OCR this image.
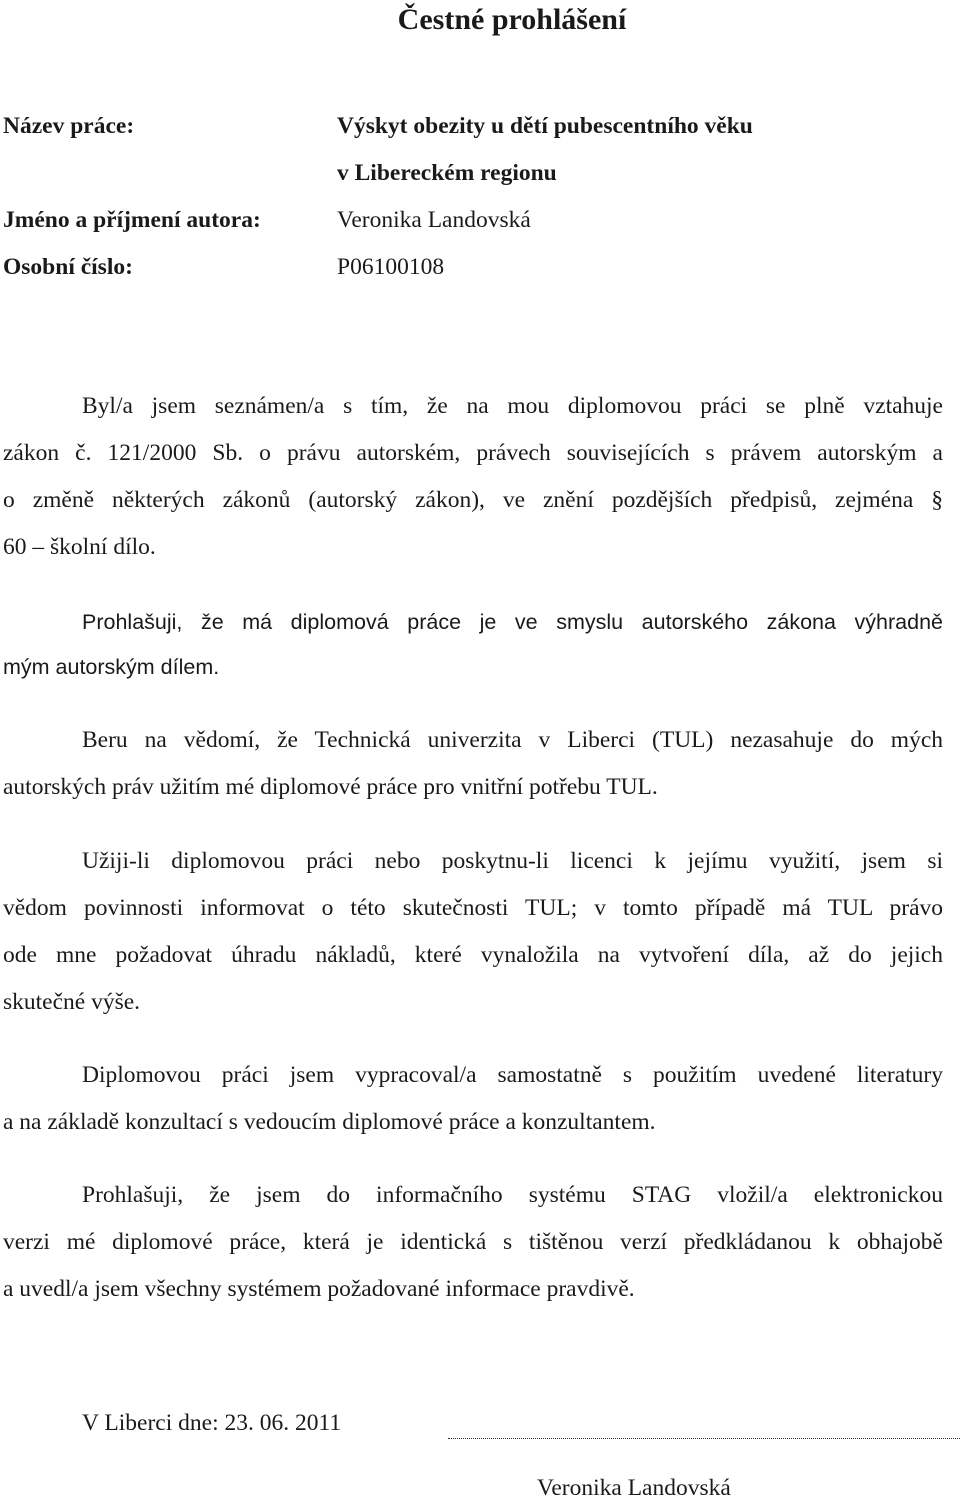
Čestné prohlášení
Název práce:	Výskyt obezity u dětí pubescentního věku
v Libereckém regionu
Jméno a příjmení autora:	Veronika Landovská
Osobní číslo:	P06100108
Byl/a jsem seznámen/a s tím, že na mou diplomovou práci se plně vztahuje
zákon č. 121/2000 Sb. o právu autorském, právech souvisejících s právem autorským a
o změně některých zákonů (autorský zákon), ve znění pozdějších předpisů, zejména §
60 – školní dílo.
Prohlašuji, že má diplomová práce je ve smyslu autorského zákona výhradně
mým autorským dílem.
Beru na vědomí, že Technická univerzita v Liberci (TUL) nezasahuje do mých
autorských práv užitím mé diplomové práce pro vnitřní potřebu TUL.
Užiji-li diplomovou práci nebo poskytnu-li licenci k jejímu využití, jsem si
vědom povinnosti informovat o této skutečnosti TUL; v tomto případě má TUL právo
ode mne požadovat úhradu nákladů, které vynaložila na vytvoření díla, až do jejich
skutečné výše.
Diplomovou práci jsem vypracoval/a samostatně s použitím uvedené literatury
a na základě konzultací s vedoucím diplomové práce a konzultantem.
Prohlašuji, že jsem do informačního systému STAG vložil/a elektronickou
verzi mé diplomové práce, která je identická s tištěnou verzí předkládanou k obhajobě
a uvedl/a jsem všechny systémem požadované informace pravdivě.
V Liberci dne: 23. 06. 2011
Veronika Landovská
